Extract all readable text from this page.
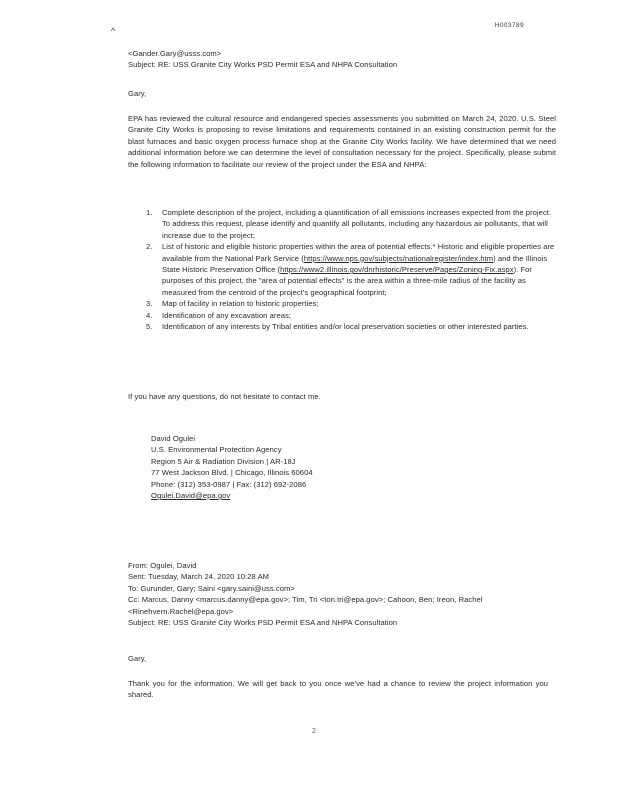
^
H003789
<Gander.Gary@usss.com>
Subject: RE: USS Granite City Works PSD Permit ESA and NHPA Consultation
Gary,
EPA has reviewed the cultural resource and endangered species assessments you submitted on March 24, 2020. U.S. Steel Granite City Works is proposing to revise limitations and requirements contained in an existing construction permit for the blast furnaces and basic oxygen process furnace shop at the Granite City Works facility. We have determined that we need additional information before we can determine the level of consultation necessary for the project. Specifically, please submit the following information to facilitate our review of the project under the ESA and NHPA:
1.	Complete description of the project, including a quantification of all emissions increases expected from the project. To address this request, please identify and quantify all pollutants, including any hazardous air pollutants, that will increase due to the project;
2.	List of historic and eligible historic properties within the area of potential effects.* Historic and eligible properties are available from the National Park Service (https://www.nps.gov/subjects/nationalregister/index.htm) and the Illinois State Historic Preservation Office (https://www2.illinois.gov/dnrhistoric/Preserve/Pages/Zoning-Fix.aspx). For purposes of this project, the "area of potential effects" is the area within a three-mile radius of the facility as measured from the centroid of the project's geographical footprint;
3.	Map of facility in relation to historic properties;
4.	Identification of any excavation areas;
5.	Identification of any interests by Tribal entities and/or local preservation societies or other interested parties.
If you have any questions, do not hesitate to contact me.
David Ogulei
U.S. Environmental Protection Agency
Region 5 Air & Radiation Division | AR-18J
77 West Jackson Blvd. | Chicago, Illinois 60604
Phone: (312) 353-0987 | Fax: (312) 692-2086
Ogulei.David@epa.gov
From: Ogulei, David
Sent: Tuesday, March 24, 2020 10:28 AM
To: Gurunder, Gary; Saini <gary.saini@uss.com>
Cc: Marcus, Danny <marcus.danny@epa.gov>; Tim, Tri <ton.tri@epa.gov>; Cahoon, Ben; Ireon, Rachel <Rinehvern.Rachel@epa.gov>
Subject: RE: USS Granite City Works PSD Permit ESA and NHPA Consultation
Gary,
Thank you for the information. We will get back to you once we've had a chance to review the project information you shared.
2
